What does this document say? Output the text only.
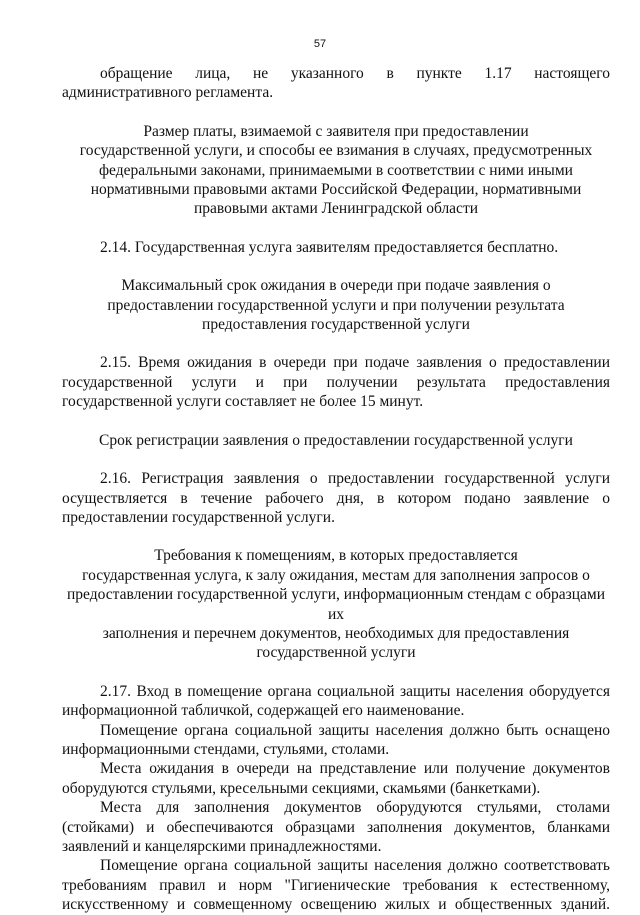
57

обращение лица, не указанного в пункте 1.17 настоящего административного регламента.

Размер платы, взимаемой с заявителя при предоставлении
государственной услуги, и способы ее взимания в случаях, предусмотренных
федеральными законами, принимаемыми в соответствии с ними иными
нормативными правовыми актами Российской Федерации, нормативными
правовыми актами Ленинградской области

2.14. Государственная услуга заявителям предоставляется бесплатно.

Максимальный срок ожидания в очереди при подаче заявления о
предоставлении государственной услуги и при получении результата
предоставления государственной услуги

2.15. Время ожидания в очереди при подаче заявления о предоставлении государственной услуги и при получении результата предоставления государственной услуги составляет не более 15 минут.

Срок регистрации заявления о предоставлении государственной услуги

2.16. Регистрация заявления о предоставлении государственной услуги осуществляется в течение рабочего дня, в котором подано заявление о предоставлении государственной услуги.

Требования к помещениям, в которых предоставляется
государственная услуга, к залу ожидания, местам для заполнения запросов о
предоставлении государственной услуги, информационным стендам с образцами их
заполнения и перечнем документов, необходимых для предоставления
государственной услуги

2.17. Вход в помещение органа социальной защиты населения оборудуется информационной табличкой, содержащей его наименование.

Помещение органа социальной защиты населения должно быть оснащено информационными стендами, стульями, столами.

Места ожидания в очереди на представление или получение документов оборудуются стульями, кресельными секциями, скамьями (банкетками).

Места для заполнения документов оборудуются стульями, столами (стойками) и обеспечиваются образцами заполнения документов, бланками заявлений и канцелярскими принадлежностями.

Помещение органа социальной защиты населения должно соответствовать требованиям правил и норм "Гигиенические требования к естественному, искусственному и совмещенному освещению жилых и общественных зданий.
